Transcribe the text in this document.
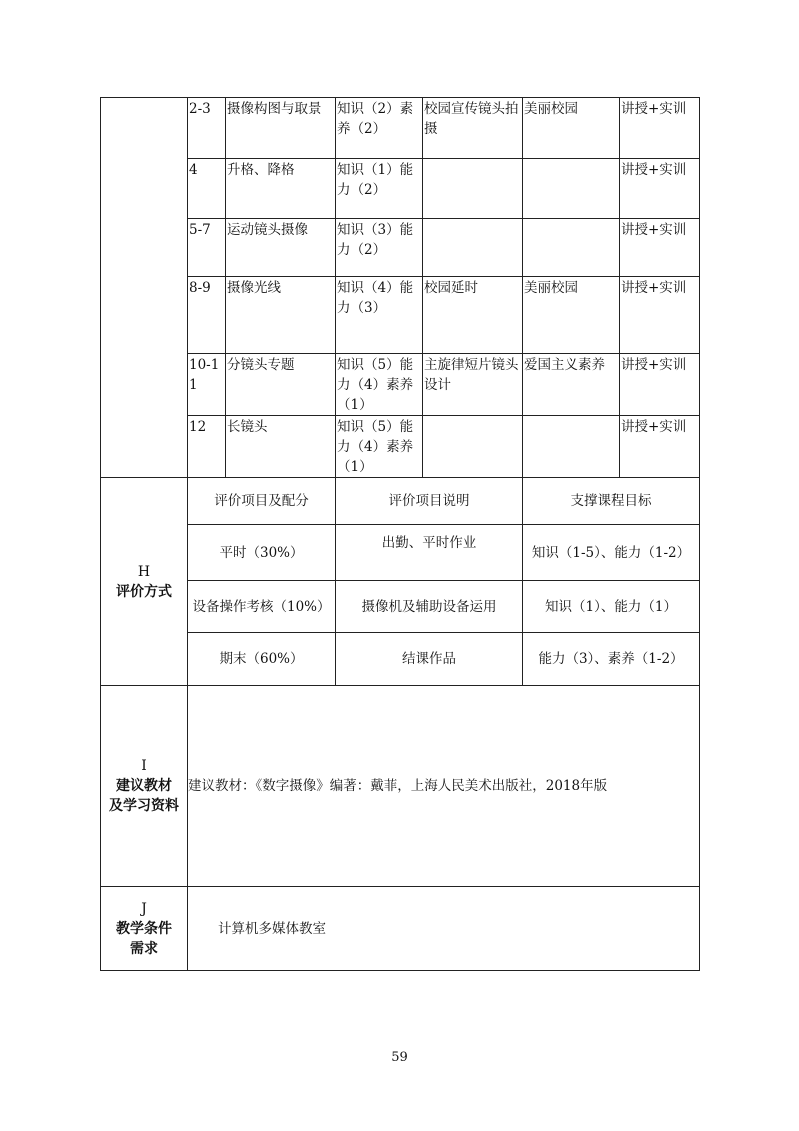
	2-3	摄像构图与取景	知识（2）素养（2）	校园宣传镜头拍摄	美丽校园	讲授+实训
	4	升格、降格	知识（1）能力（2）			讲授+实训
	5-7	运动镜头摄像	知识（3）能力（2）			讲授+实训
	8-9	摄像光线	知识（4）能力（3）	校园延时	美丽校园	讲授+实训
	10-11	分镜头专题	知识（5）能力（4）素养（1）	主旋律短片镜头设计	爱国主义素养	讲授+实训
	12	长镜头	知识（5）能力（4）素养（1）			讲授+实训

H
评价方式	评价项目及配分		评价项目说明		支撑课程目标	
	平时（30%）		出勤、平时作业		知识（1-5）、能力（1-2）	
	设备操作考核（10%）		摄像机及辅助设备运用		知识（1）、能力（1）	
	期末（60%）		结课作品		能力（3）、素养（1-2）	

I
建议教材
及学习资料	建议教材：《数字摄像》编著：戴菲，上海人民美术出版社，2018年版					

J
教学条件
需求	计算机多媒体教室					
59
